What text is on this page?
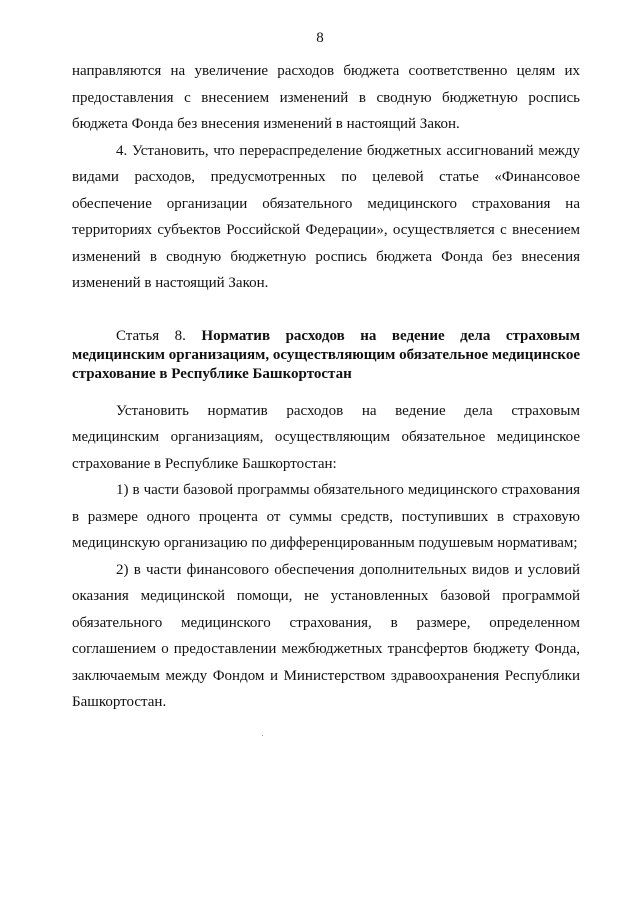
8

направляются на увеличение расходов бюджета соответственно целям их предоставления с внесением изменений в сводную бюджетную роспись бюджета Фонда без внесения изменений в настоящий Закон.

4. Установить, что перераспределение бюджетных ассигнований между видами расходов, предусмотренных по целевой статье «Финансовое обеспечение организации обязательного медицинского страхования на территориях субъектов Российской Федерации», осуществляется с внесением изменений в сводную бюджетную роспись бюджета Фонда без внесения изменений в настоящий Закон.

Статья 8. Норматив расходов на ведение дела страховым медицинским организациям, осуществляющим обязательное медицинское страхование в Республике Башкортостан

Установить норматив расходов на ведение дела страховым медицинским организациям, осуществляющим обязательное медицинское страхование в Республике Башкортостан:

1) в части базовой программы обязательного медицинского страхования в размере одного процента от суммы средств, поступивших в страховую медицинскую организацию по дифференцированным подушевым нормативам;

2) в части финансового обеспечения дополнительных видов и условий оказания медицинской помощи, не установленных базовой программой обязательного медицинского страхования, в размере, определенном соглашением о предоставлении межбюджетных трансфертов бюджету Фонда, заключаемым между Фондом и Министерством здравоохранения Республики Башкортостан.
